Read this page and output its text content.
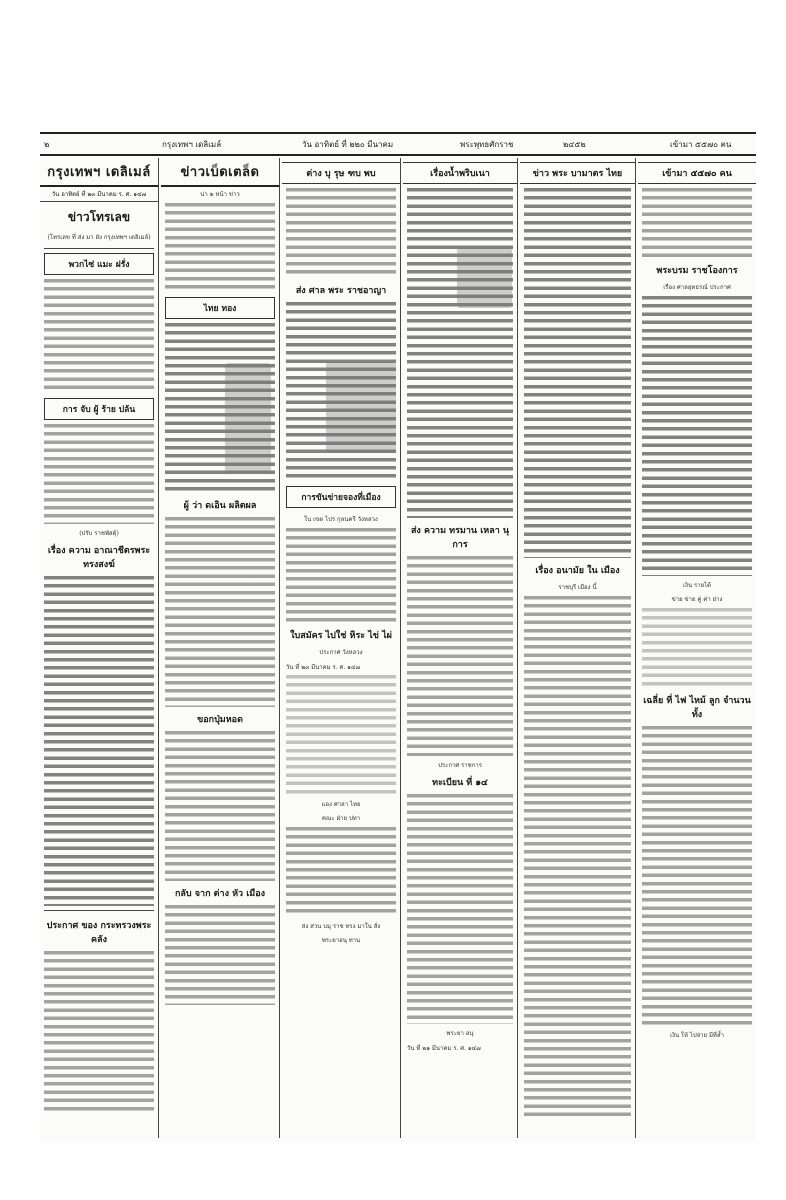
๒	กรุงเทพฯ เดลิเมล์	วัน อาทิตย์ ที่ ๒๒๐ มีนาคม	พระพุทธศักราช	๒๔๕๒	เข้ามา ๕๕๗๐ คน
กรุงเทพฯ เดลิเมล์
วัน อาทิตย์ ที่ ๒๓ มีนาคม ร. ศ. ๑๔๗
ข่าวโทรเลข
(โทรเลข ที่ ส่ง มา ยัง กรุงเทพฯ เดลิเมล์)
พวกไซ่ แมะ ฝรั่ง
การ จับ ผู้ ร้าย ปล้น
(ปรับ ราชพัสดุ์)
เรื่อง ความ อาณาชีตรพระทรงสงฆ์
ประกาศ ของ กระทรวงพระคลัง
ข่าวเบ็ดเตล็ด
น่า ๒ หน้า ข่าว
ไทย ทอง
ผู้ ว่า ดเอิน ผลิตผล
ขอกปุ่มหอด
กลับ จาก ต่าง หัว เมือง
ต่าง บุ รุษ ฑบ พบ
ส่ง ศาล พระ ราชอาญา
การขันข่ายจองที่เมือง
ใน เขต ไปร กุลนครี วังหลวง
ใบสมัคร ไปใช่ หิระ ไข่ ไผ่
ประกาศ วังหลวง
วัน ที่ ๒๓ มีนาคม ร. ศ. ๑๔๗
แอง ศาลา ไทย
คณะ ฝ่าย ปทา
ส่ง ส่วน บมุ ราช ทรง มาใน สั่ง
พระยาอนุ ทาน
เรื่องน้ำพริบเนา
ส่ง ความ ทรมาน เหลา นุการ
ประกาศ ราชการ
ทะเบียน ที่ ๑๔
พระยา อนุ
วัน ที่ ๒๑ มีนาคม ร. ศ. ๑๔๗
ข่าว พระ บามาตร ไทย
เรื่อง อนามัย ใน เมือง
ราชบุรี เมือง นี้
เข้ามา ๕๕๗๐ คน
พระบรม ราชโองการ
เรื่อง ศาลอุทธรณ์ ประกาศ
เงิน รายได้
ข่าย ข่าย คู่ ค่า ย่าง
เฉลี่ย ที่ ไฟ ไหม้ ลูก จำนวน ทั้ง
เงิน ให้ ไปจ่าย มีที่ล้ำ
